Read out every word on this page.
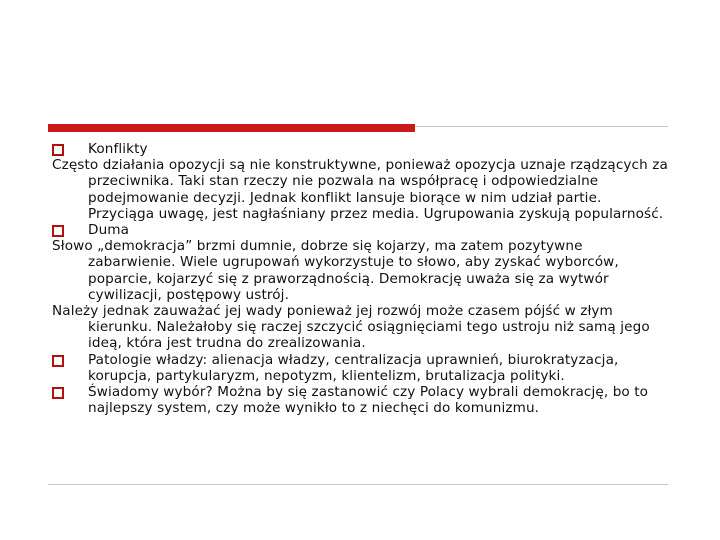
Konflikty
Często działania opozycji są nie konstruktywne, ponieważ opozycja uznaje rządzących za przeciwnika. Taki stan rzeczy nie pozwala na współpracę i odpowiedzialne podejmowanie decyzji. Jednak konflikt lansuje biorące w nim udział partie. Przyciąga uwagę, jest nagłaśniany przez media. Ugrupowania zyskują popularność.
Duma
Słowo „demokracja” brzmi dumnie, dobrze się kojarzy, ma zatem pozytywne zabarwienie. Wiele ugrupowań wykorzystuje to słowo, aby zyskać wyborców, poparcie, kojarzyć się z praworządnością. Demokrację uważa się za wytwór cywilizacji, postępowy ustrój.
Należy jednak zauważać jej wady ponieważ jej rozwój może czasem pójść w złym kierunku. Należałoby się raczej szczycić osiągnięciami tego ustroju niż samą jego ideą, która jest trudna do zrealizowania.
Patologie władzy: alienacja władzy, centralizacja uprawnień, biurokratyzacja, korupcja, partykularyzm, nepotyzm, klientelizm, brutalizacja polityki.
Świadomy wybór? Można by się zastanowić czy Polacy wybrali demokrację, bo to najlepszy system, czy może wynikło to z niechęci do komunizmu.
